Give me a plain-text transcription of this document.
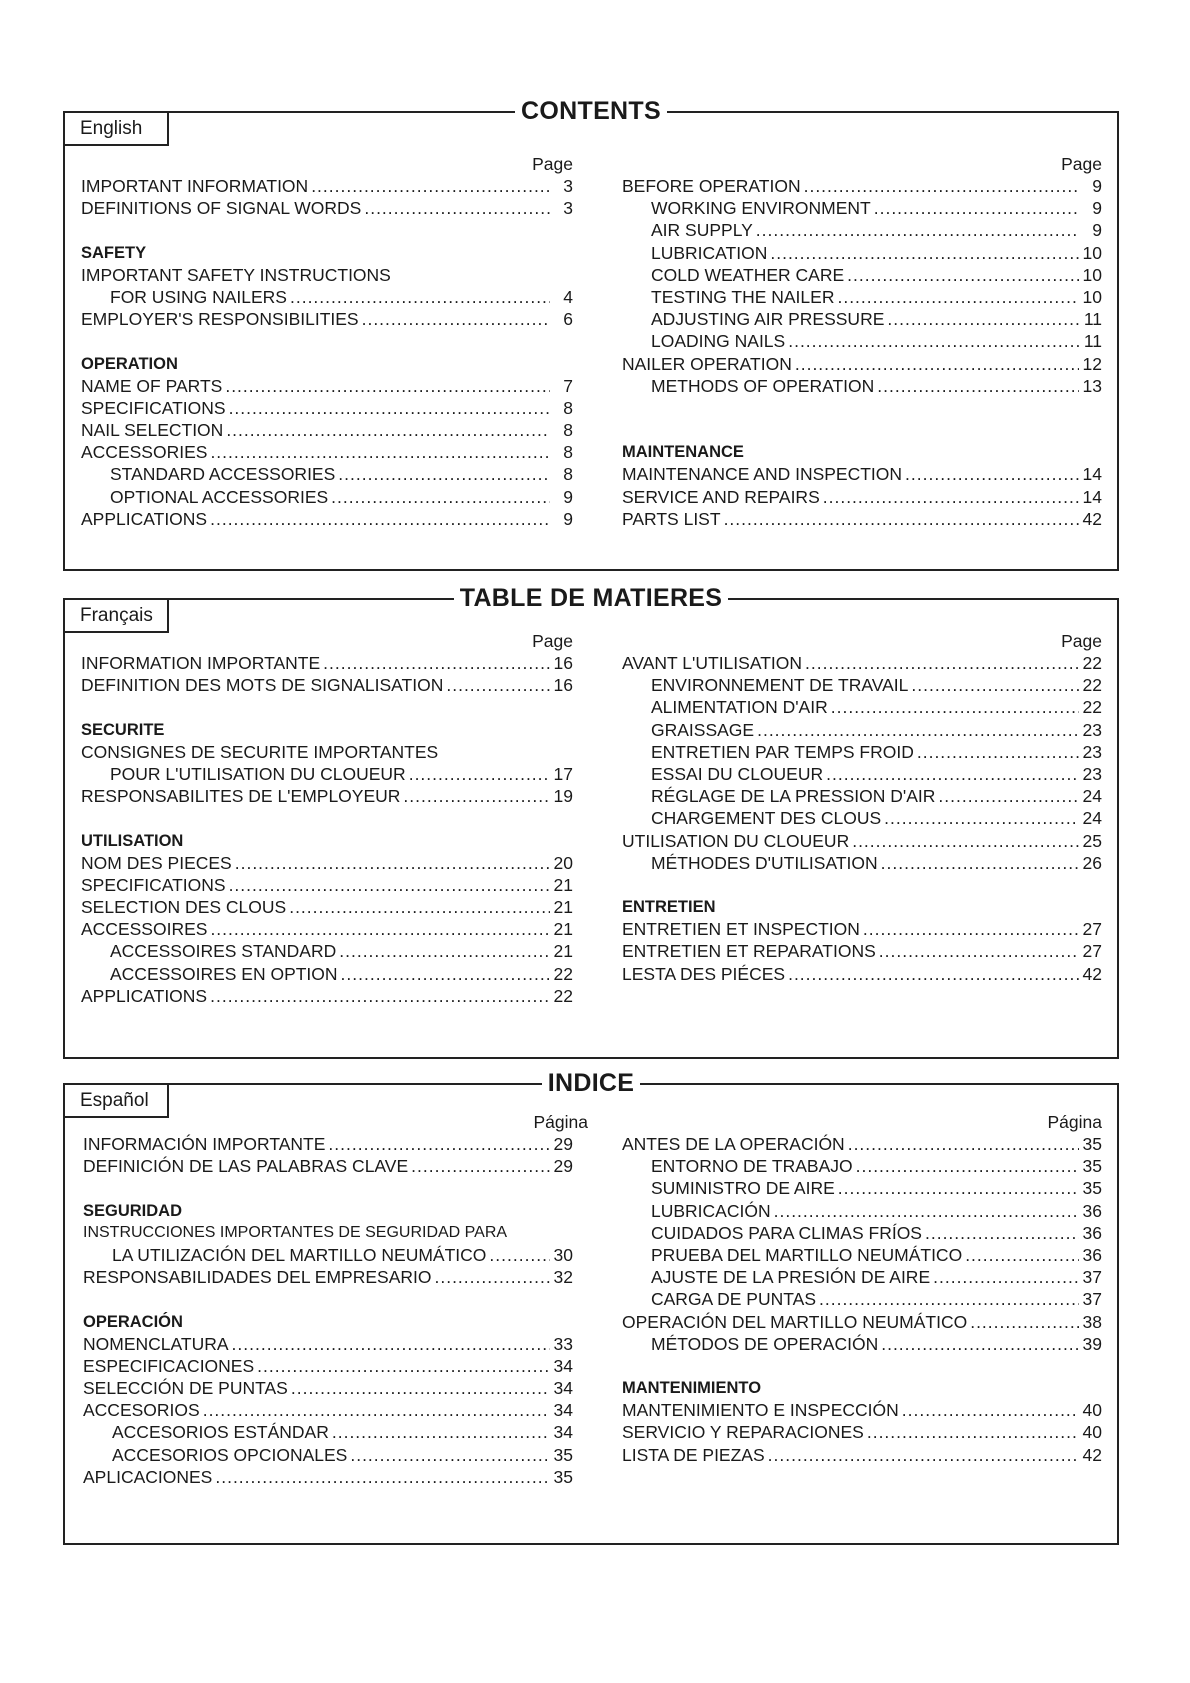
English
CONTENTS
Page
IMPORTANT INFORMATION .....	3
DEFINITIONS OF SIGNAL WORDS .....	3
SAFETY
IMPORTANT SAFETY INSTRUCTIONS
FOR USING NAILERS .....	4
EMPLOYER'S RESPONSIBILITIES .....	6
OPERATION
NAME OF PARTS .....	7
SPECIFICATIONS .....	8
NAIL SELECTION .....	8
ACCESSORIES .....	8
STANDARD ACCESSORIES .....	8
OPTIONAL ACCESSORIES .....	9
APPLICATIONS .....	9
Page
BEFORE OPERATION .....	9
WORKING ENVIRONMENT .....	9
AIR SUPPLY .....	9
LUBRICATION .....	10
COLD WEATHER CARE .....	10
TESTING THE NAILER .....	10
ADJUSTING AIR PRESSURE .....	11
LOADING NAILS .....	11
NAILER OPERATION .....	12
METHODS OF OPERATION .....	13
MAINTENANCE
MAINTENANCE AND INSPECTION .....	14
SERVICE AND REPAIRS .....	14
PARTS LIST .....	42
Français
TABLE DE MATIERES
Page
INFORMATION IMPORTANTE .....	16
DEFINITION DES MOTS DE SIGNALISATION .....	16
SECURITE
CONSIGNES DE SECURITE IMPORTANTES
POUR L'UTILISATION DU CLOUEUR .....	17
RESPONSABILITES DE L'EMPLOYEUR .....	19
UTILISATION
NOM DES PIECES .....	20
SPECIFICATIONS .....	21
SELECTION DES CLOUS .....	21
ACCESSOIRES .....	21
ACCESSOIRES STANDARD .....	21
ACCESSOIRES EN OPTION .....	22
APPLICATIONS .....	22
Page
AVANT L'UTILISATION .....	22
ENVIRONNEMENT DE TRAVAIL .....	22
ALIMENTATION D'AIR .....	22
GRAISSAGE .....	23
ENTRETIEN PAR TEMPS FROID .....	23
ESSAI DU CLOUEUR .....	23
RÉGLAGE DE LA PRESSION D'AIR .....	24
CHARGEMENT DES CLOUS .....	24
UTILISATION DU CLOUEUR .....	25
MÉTHODES D'UTILISATION .....	26
ENTRETIEN
ENTRETIEN ET INSPECTION .....	27
ENTRETIEN ET REPARATIONS .....	27
LESTA DES PIÉCES .....	42
Español
INDICE
Página
INFORMACIÓN IMPORTANTE .....	29
DEFINICIÓN DE LAS PALABRAS CLAVE .....	29
SEGURIDAD
INSTRUCCIONES IMPORTANTES DE SEGURIDAD PARA
LA UTILIZACIÓN DEL MARTILLO NEUMÁTICO .....	30
RESPONSABILIDADES DEL EMPRESARIO .....	32
OPERACIÓN
NOMENCLATURA .....	33
ESPECIFICACIONES .....	34
SELECCIÓN DE PUNTAS .....	34
ACCESORIOS .....	34
ACCESORIOS ESTÁNDAR .....	34
ACCESORIOS OPCIONALES .....	35
APLICACIONES .....	35
Página
ANTES DE LA OPERACIÓN .....	35
ENTORNO DE TRABAJO .....	35
SUMINISTRO DE AIRE .....	35
LUBRICACIÓN .....	36
CUIDADOS PARA CLIMAS FRÍOS .....	36
PRUEBA DEL MARTILLO NEUMÁTICO .....	36
AJUSTE DE LA PRESIÓN DE AIRE .....	37
CARGA DE PUNTAS .....	37
OPERACIÓN DEL MARTILLO NEUMÁTICO .....	38
MÉTODOS DE OPERACIÓN .....	39
MANTENIMIENTO
MANTENIMIENTO E INSPECCIÓN .....	40
SERVICIO Y REPARACIONES .....	40
LISTA DE PIEZAS .....	42
